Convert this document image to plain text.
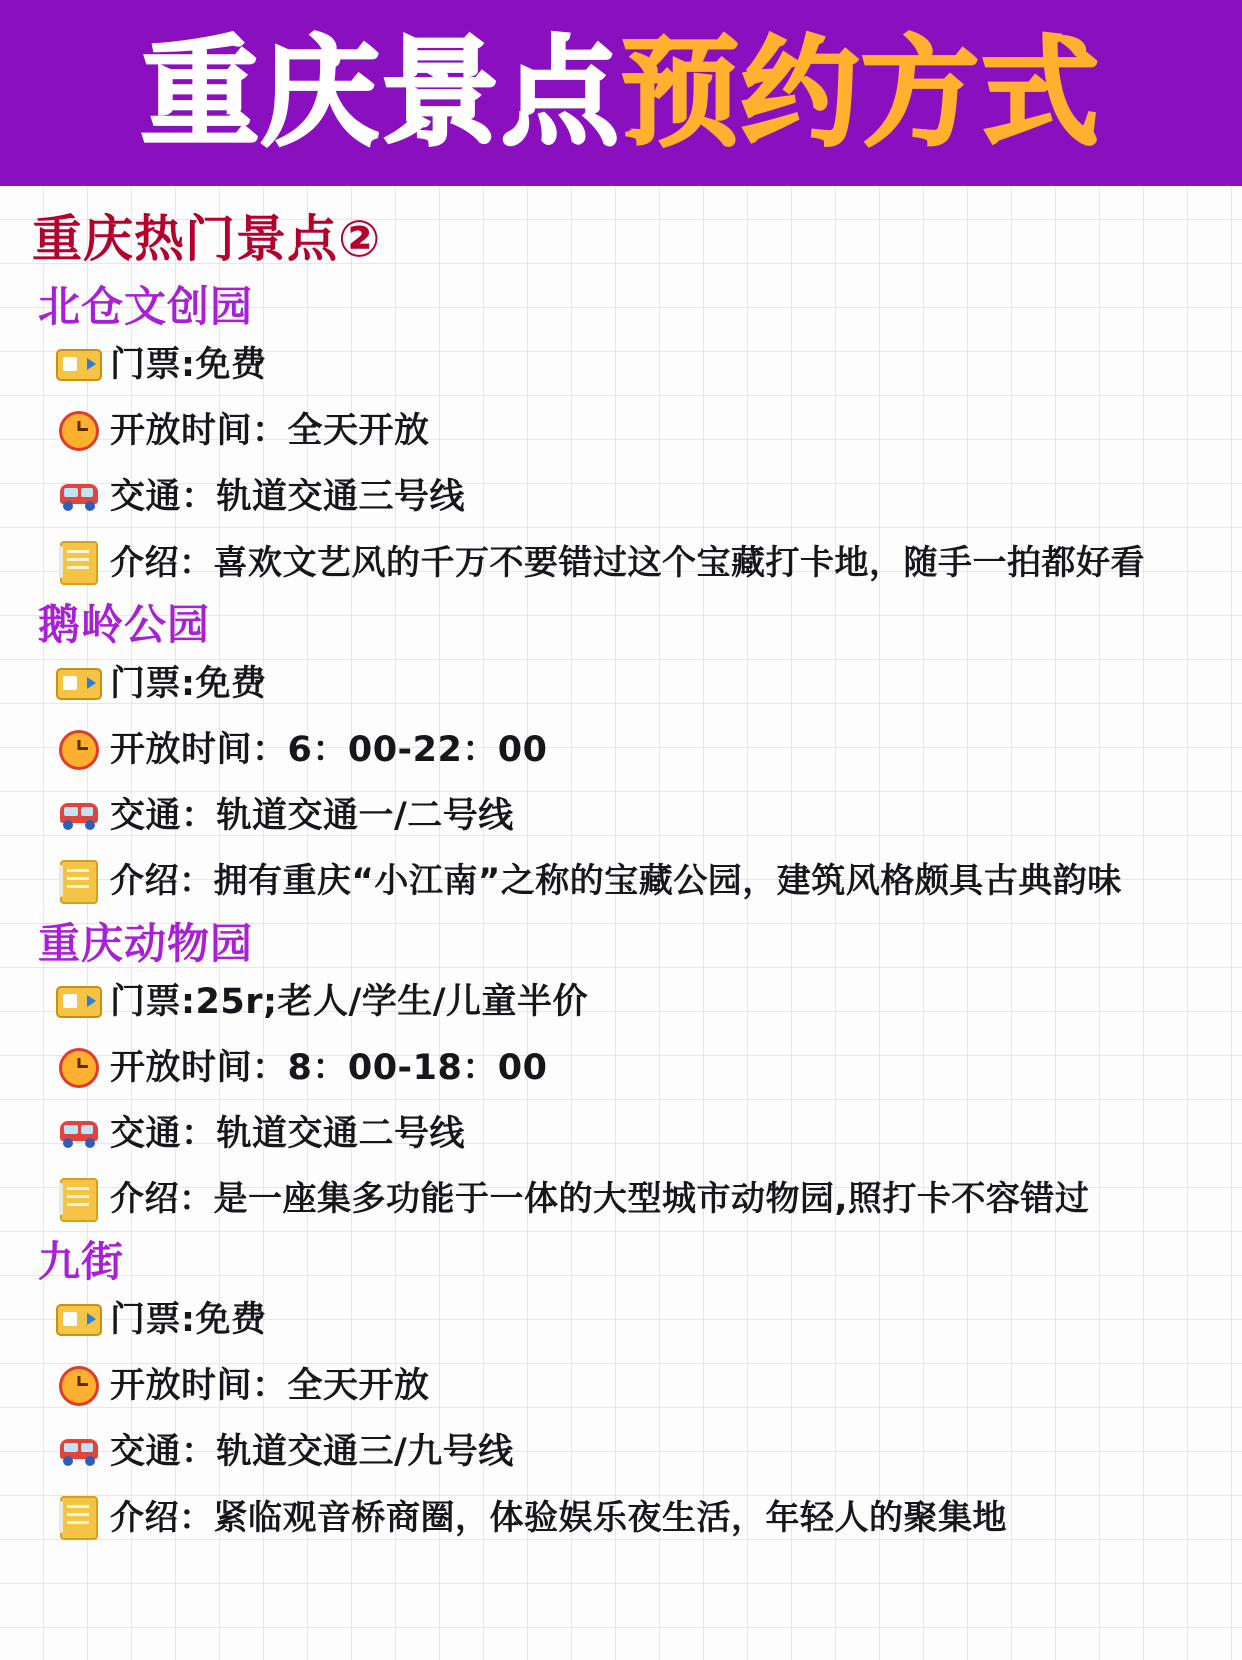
重庆景点 预约方式
重庆热门景点②
北仓文创园
门票:免费
开放时间：全天开放
交通：轨道交通三号线
介绍：喜欢文艺风的千万不要错过这个宝藏打卡地，随手一拍都好看
鹅岭公园
门票:免费
开放时间：6：00-22：00
交通：轨道交通一/二号线
介绍：拥有重庆“小江南”之称的宝藏公园，建筑风格颇具古典韵味
重庆动物园
门票:25r;老人/学生/儿童半价
开放时间：8：00-18：00
交通：轨道交通二号线
介绍：是一座集多功能于一体的大型城市动物园,照打卡不容错过
九街
门票:免费
开放时间：全天开放
交通：轨道交通三/九号线
介绍：紧临观音桥商圈，体验娱乐夜生活，年轻人的聚集地
